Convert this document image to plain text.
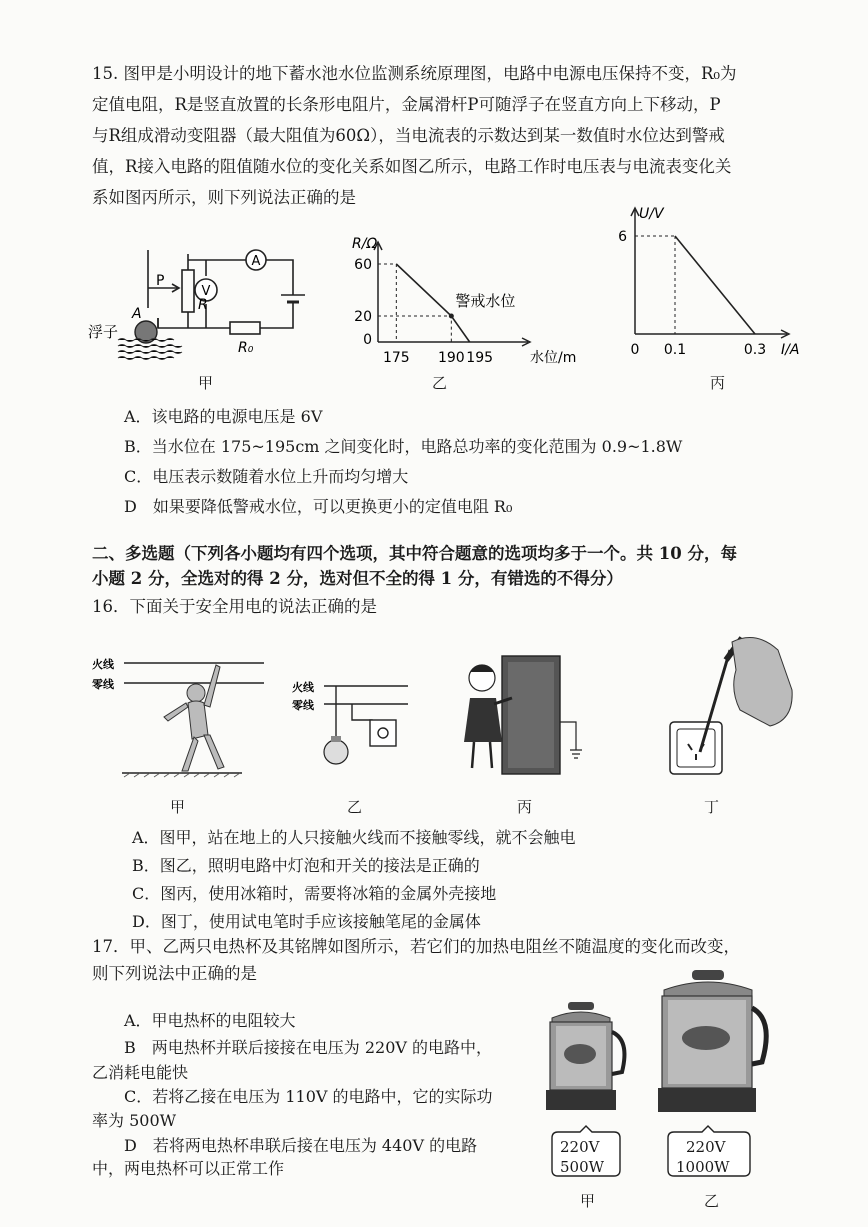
15. 图甲是小明设计的地下蓄水池水位监测系统原理图，电路中电源电压保持不变，R₀为
定值电阻，R是竖直放置的长条形电阻片，金属滑杆P可随浮子在竖直方向上下移动，P
与R组成滑动变阻器（最大阻值为60Ω），当电流表的示数达到某一数值时水位达到警戒
值，R接入电路的阻值随水位的变化关系如图乙所示，电路工作时电压表与电流表变化关
系如图丙所示，则下列说法正确的是
A
V
R
P
A
R₀
浮子
甲
R/Ω
水位/m
60
20
0
175 190 195
警戒水位
乙
U/V
I/A
6
0 0.1	0.3
丙
A．该电路的电源电压是 6V
B．当水位在 175~195cm 之间变化时，电路总功率的变化范围为 0.9~1.8W
C．电压表示数随着水位上升而均匀增大
D　如果要降低警戒水位，可以更换更小的定值电阻 R₀
二、多选题（下列各小题均有四个选项，其中符合题意的选项均多于一个。共 10 分，每
小题 2 分，全选对的得 2 分，选对但不全的得 1 分，有错选的不得分）
16．下面关于安全用电的说法正确的是
火线
零线	火线
零线
甲	乙	丙	丁
A．图甲，站在地上的人只接触火线而不接触零线，就不会触电
B．图乙，照明电路中灯泡和开关的接法是正确的
C．图丙，使用冰箱时，需要将冰箱的金属外壳接地
D．图丁，使用试电笔时手应该接触笔尾的金属体
17．甲、乙两只电热杯及其铭牌如图所示，若它们的加热电阻丝不随温度的变化而改变，
则下列说法中正确的是
A．甲电热杯的电阻较大
B　两电热杯并联后接接在电压为 220V 的电路中，
乙消耗电能快
C．若将乙接在电压为 110V 的电路中，它的实际功
率为 500W
D　若将两电热杯串联后接在电压为 440V 的电路
中，两电热杯可以正常工作
220V
500W
220V
1000W
甲	乙
